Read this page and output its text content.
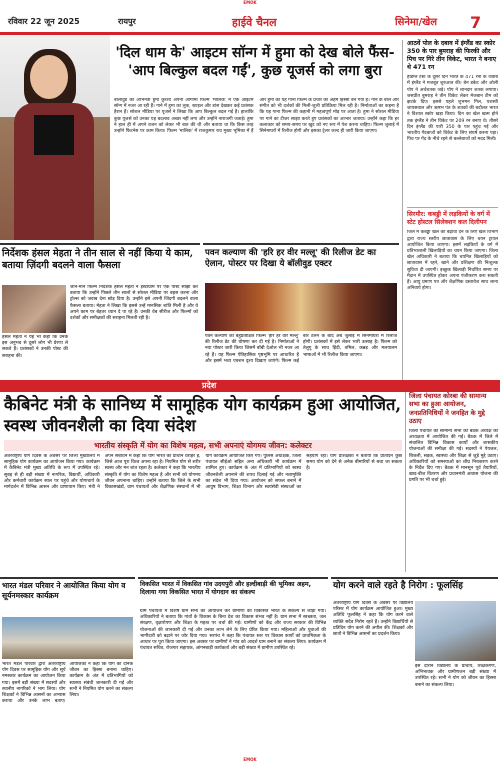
EMOK
रविवार 22 जून 2025	रायपुर	हाईवे चैनल	सिनेमा/खेल 7
'दिल धाम के' आइटम सॉन्ग में हुमा को देख बोले फैंस- 'आप बिल्कुल बदल गईं', कुछ यूजर्स को लगा बुरा
बॉलीवुड की अभिनेत्री हुमा कुरैशी अपनी आगामी फिल्म 'मालिक' में एक आइटम सॉन्ग में नजर आ रही हैं। गाने में हुमा का लुक, स्टाइल और डांस देखकर कई प्रशंसक हैरान हैं। सोशल मीडिया पर यूजर्स ने लिखा कि आप बिल्कुल बदल गई हैं। हालांकि कुछ यूजर्स को उनका यह बदलाव अच्छा नहीं लगा और उन्होंने नाराजगी जताई। हुमा ने हाल ही में अपने वजन को लेकर भी बात की थी और बताया था कि किस तरह उन्होंने फिटनेस पर काम किया। फिल्म 'मालिक' में राजकुमार राव मुख्य भूमिका में हैं और हुमा का यह गाना फिल्म के प्रचार का अहम हिस्सा बन गया है। गाने के बोल और संगीत को भी दर्शकों की मिली-जुली प्रतिक्रिया मिल रही है। निर्माताओं का कहना है कि यह गाना फिल्म की कहानी में महत्वपूर्ण मोड़ पर आता है। हुमा ने सोशल मीडिया पर गाने का टीजर साझा करते हुए प्रशंसकों का आभार जताया। उन्होंने कहा कि हर कलाकार को समय-समय पर खुद को नए रूप में पेश करना चाहिए। फिल्म जुलाई में सिनेमाघरों में रिलीज होगी और इसका ट्रेलर जल्द ही जारी किया जाएगा।
आठवें पोल के दबाव में इंग्लैंड का स्कोर 350 के पार बुमराह की फिरकी और पिच पर गिरे तीन विकेट, भारत ने बनाए थे 471 रन
हेडिंग्ले टेस्ट के दूसरे दिन भारत के 471 रनों के जवाब में इंग्लैंड ने मजबूत शुरुआत की। बेन डकेट और ओली पोप ने अर्धशतक जड़े। पोप ने शानदार शतक लगाया। जसप्रीत बुमराह ने तीन विकेट लेकर मेजबान टीम को झटके दिए। इससे पहले शुभमन गिल, यशस्वी जायसवाल और ऋषभ पंत के शतकों की बदौलत भारत ने विशाल स्कोर खड़ा किया। दिन का खेल खत्म होने तक इंग्लैंड ने तीन विकेट पर 209 रन बनाए थे। तीसरे दिन इंग्लैंड की पारी 350 के पार पहुंच गई और भारतीय गेंदबाजों को विकेट के लिए संघर्ष करना पड़ा। पिच पर गेंद के नीचे रहने से बल्लेबाजों को मदद मिली।
सिरमौर: कबड्डी में लड़कियों के वर्ग में स्टेट होस्टल सिलेक्शन कल दिलीपन
जिले में कबड्डी खेल को बढ़ावा देने के लिए खेल विभाग द्वारा राज्य स्तरीय छात्रावास के लिए चयन ट्रायल आयोजित किया जाएगा। इसमें लड़कियों के वर्ग में प्रतिभाशाली खिलाड़ियों का चयन किया जाएगा। जिला खेल अधिकारी ने बताया कि चयनित खिलाड़ियों को छात्रावास में रहने, खाने और प्रशिक्षण की निःशुल्क सुविधा दी जाएगी। इच्छुक खिलाड़ी निर्धारित समय पर मैदान में उपस्थित होकर अपना पंजीकरण करा सकती हैं। आयु प्रमाण पत्र और शैक्षणिक दस्तावेज साथ लाना अनिवार्य होगा।
निर्देशक हंसल मेहता ने तीन साल से नहीं किया ये काम, बताया ज़िंदगी बदलने वाला फैसला
जाने-माने फिल्म निर्देशक हंसल मेहता ने इंस्टाग्राम पर एक पोस्ट साझा कर बताया कि उन्होंने पिछले तीन सालों से सोशल मीडिया पर बहस करना और ट्रोल्स को जवाब देना छोड़ दिया है। उन्होंने इसे अपनी जिंदगी बदलने वाला फैसला बताया। मेहता ने लिखा कि इससे उन्हें मानसिक शांति मिली है और वे अपने काम पर बेहतर ध्यान दे पा रहे हैं। उनकी वेब सीरीज और फिल्मों को दर्शकों और समीक्षकों की सराहना मिलती रही है।
हंसल मेहता ने यह भी कहा कि उनके इस अनुभव से दूसरे लोग भी प्रेरणा ले सकते हैं। प्रशंसकों ने उनकी पोस्ट की सराहना की।
पवन कल्याण की 'हरि हर वीर मल्लू' की रिलीज डेट का ऐलान, पोस्टर पर दिखा ये बॉलीवुड एक्टर
पवन कल्याण की बहुप्रतीक्षित फिल्म 'हरि हर वीर मल्लू' की रिलीज डेट की घोषणा कर दी गई है। निर्माताओं ने नया पोस्टर जारी किया जिसमें बॉबी देओल भी नजर आ रहे हैं। यह फिल्म ऐतिहासिक पृष्ठभूमि पर आधारित है और इसमें भव्य एक्शन दृश्य दिखाए जाएंगे। फिल्म कई बार टलने के बाद अब जुलाई में सिनेमाघरों में रिलीज होगी। प्रशंसकों में इसे लेकर भारी उत्साह है। फिल्म को तेलुगु के साथ हिंदी, तमिल, कन्नड़ और मलयालम भाषाओं में भी रिलीज किया जाएगा।
प्रदेश
कैबिनेट मंत्री के सानिध्य में सामूहिक योग कार्यक्रम हुआ आयोजित, स्वस्थ जीवनशैली का दिया संदेश
भारतीय संस्कृति में योग का विशेष महत्व, सभी अपनाएं योगमय जीवन: कलेक्टर
अंतरराष्ट्रीय योग दिवस के अवसर पर जिला मुख्यालय में सामूहिक योग कार्यक्रम का आयोजन किया गया। कार्यक्रम में कैबिनेट मंत्री मुख्य अतिथि के रूप में उपस्थित रहे। सुबह से ही बड़ी संख्या में नागरिक, विद्यार्थी, अधिकारी और कर्मचारी कार्यक्रम स्थल पर पहुंचे और योगाचार्य के मार्गदर्शन में विभिन्न आसन और प्राणायाम किए। मंत्री ने अपने संबोधन में कहा कि योग भारत की प्राचीन धरोहर है, जिसे आज पूरा विश्व अपना रहा है। नियमित योग से शरीर स्वस्थ और मन शांत रहता है। कलेक्टर ने कहा कि भारतीय संस्कृति में योग का विशेष महत्व है और सभी को योगमय जीवन अपनाना चाहिए। उन्होंने बताया कि जिले के सभी विकासखंडों, ग्राम पंचायतों और शैक्षणिक संस्थानों में भी योग कार्यक्रम आयोजित किए गए। पुलिस अधीक्षक, जिला पंचायत सीईओ सहित अन्य अधिकारी भी कार्यक्रम में शामिल हुए। कार्यक्रम के अंत में प्रतिभागियों को स्वस्थ जीवनशैली अपनाने की शपथ दिलाई गई और नशामुक्ति का संदेश भी दिया गया। आयोजन को सफल बनाने में आयुष विभाग, शिक्षा विभाग और स्वयंसेवी संस्थाओं का सहयोग रहा। योग प्रशिक्षकों ने बताया कि प्रतिदिन कुछ समय योग को देने से अनेक बीमारियों से बचा जा सकता है।
जिला पंचायत कोरबा की सामान्य सभा का हुआ आयोजन, जनप्रतिनिधियों ने जनहित के मुद्दे उठाए
जिला पंचायत की सामान्य सभा की बैठक अध्यक्ष की अध्यक्षता में आयोजित की गई। बैठक में जिले में संचालित विभिन्न विकास कार्यों और शासकीय योजनाओं की समीक्षा की गई। सदस्यों ने पेयजल, बिजली, सड़क, स्वास्थ्य और शिक्षा से जुड़े मुद्दे उठाए। अधिकारियों को समस्याओं का शीघ्र निराकरण करने के निर्देश दिए गए। बैठक में मानसून पूर्व तैयारियों, खाद-बीज वितरण और प्रधानमंत्री आवास योजना की प्रगति पर भी चर्चा हुई।
भारत मंडल परिवार ने आयोजित किया योग व सूर्यनमस्कार कार्यक्रम
भारत मंडल परिवार द्वारा अंतरराष्ट्रीय योग दिवस पर सामूहिक योग और सूर्य नमस्कार कार्यक्रम का आयोजन किया गया। इसमें बड़ी संख्या में सदस्यों और स्थानीय नागरिकों ने भाग लिया। योग शिक्षकों ने विभिन्न आसनों का अभ्यास कराया और उनके लाभ बताए। आयोजकों ने कहा कि योग को दैनिक जीवन का हिस्सा बनाना चाहिए। कार्यक्रम के अंत में प्रतिभागियों को स्वास्थ्य संबंधी जानकारी दी गई और सभी ने नियमित योग करने का संकल्प लिया।
विकसित भारत में विकसित गांव उदयपुरी और हल्दीबाड़ी की भूमिका अहम, दिलाया गया विकसित भारत में योगदान का संकल्प
ग्राम पंचायतों में विशेष ग्राम सभा का आयोजन कर ग्रामीणों को विकसित भारत के संकल्प से जोड़ा गया। अधिकारियों ने बताया कि गांवों के विकास के बिना देश का विकास संभव नहीं है। ग्राम सभा में स्वच्छता, जल संरक्षण, वृक्षारोपण और शिक्षा के महत्व पर चर्चा की गई। ग्रामीणों को केंद्र और राज्य सरकार की विभिन्न योजनाओं की जानकारी दी गई और उनका लाभ लेने के लिए प्रेरित किया गया। महिलाओं और युवाओं की भागीदारी को बढ़ाने पर जोर दिया गया। सरपंच ने कहा कि पंचायत स्तर पर विकास कार्यों को प्राथमिकता के आधार पर पूरा किया जाएगा। इस अवसर पर ग्रामीणों ने गांव को आदर्श ग्राम बनाने का संकल्प लिया। कार्यक्रम में पंचायत सचिव, रोजगार सहायक, आंगनबाड़ी कार्यकर्ता और बड़ी संख्या में ग्रामीण उपस्थित रहे।
योग करने वाले रहते है निरोग : फूलसिंह
अंतरराष्ट्रीय योग दिवस के अवसर पर विद्यालय परिसर में योग कार्यक्रम आयोजित हुआ। मुख्य अतिथि फूलसिंह ने कहा कि योग करने वाले व्यक्ति सदैव निरोग रहते हैं। उन्होंने विद्यार्थियों से प्रतिदिन योग करने की अपील की। शिक्षकों और छात्रों ने विभिन्न आसनों का प्रदर्शन किया।
इस दौरान विद्यालय के प्राचार्य, शिक्षकगण, अभिभावक और ग्रामीणजन बड़ी संख्या में उपस्थित रहे। सभी ने योग को जीवन का हिस्सा बनाने का संकल्प लिया।
EMOK
